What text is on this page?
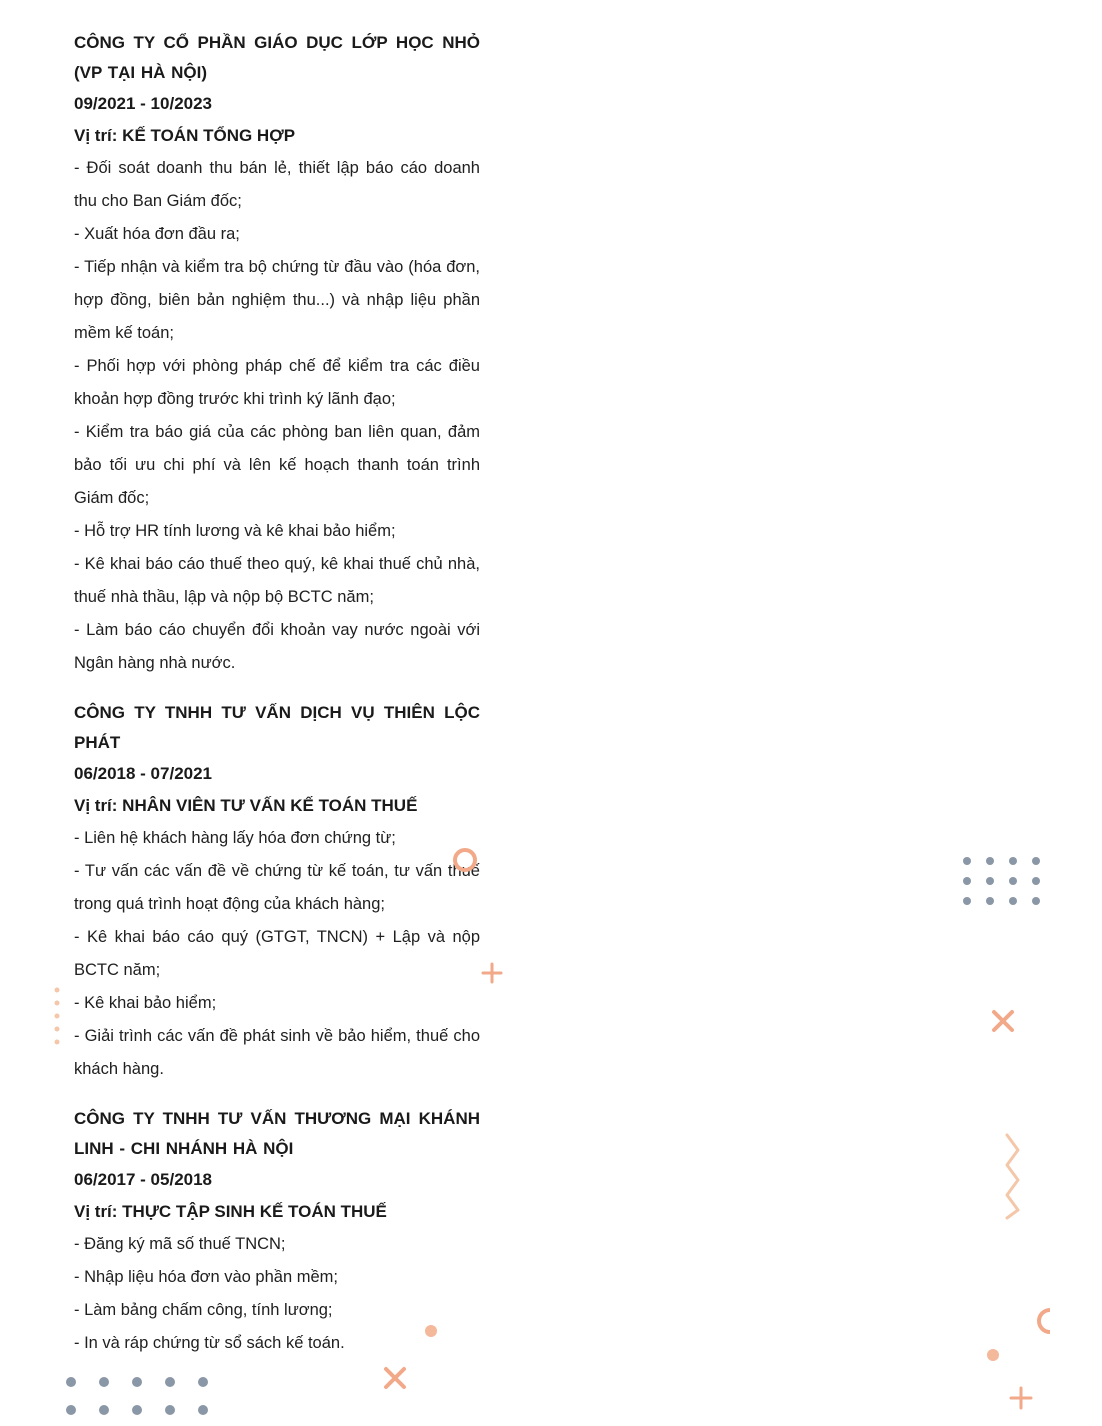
CÔNG TY CỔ PHẦN GIÁO DỤC LỚP HỌC NHỎ (VP TẠI HÀ NỘI)

09/2021 - 10/2023

Vị trí: KẾ TOÁN TỔNG HỢP

- Đối soát doanh thu bán lẻ, thiết lập báo cáo doanh thu cho Ban Giám đốc;

- Xuất hóa đơn đầu ra;

- Tiếp nhận và kiểm tra bộ chứng từ đầu vào (hóa đơn, hợp đồng, biên bản nghiệm thu...) và nhập liệu phần mềm kế toán;

- Phối hợp với phòng pháp chế để kiểm tra các điều khoản hợp đồng trước khi trình ký lãnh đạo;

- Kiểm tra báo giá của các phòng ban liên quan, đảm bảo tối ưu chi phí và lên kế hoạch thanh toán trình Giám đốc;

- Hỗ trợ HR tính lương và kê khai bảo hiểm;

- Kê khai báo cáo thuế theo quý, kê khai thuế chủ nhà, thuế nhà thầu, lập và nộp bộ BCTC năm;

- Làm báo cáo chuyển đổi khoản vay nước ngoài với Ngân hàng nhà nước.

CÔNG TY TNHH TƯ VẤN DỊCH VỤ THIÊN LỘC PHÁT

06/2018 - 07/2021

Vị trí: NHÂN VIÊN TƯ VẤN KẾ TOÁN THUẾ

- Liên hệ khách hàng lấy hóa đơn chứng từ;

- Tư vấn các vấn đề về chứng từ kế toán, tư vấn thuế trong quá trình hoạt động của khách hàng;

- Kê khai báo cáo quý (GTGT, TNCN) + Lập và nộp BCTC năm;

- Kê khai bảo hiểm;

- Giải trình các vấn đề phát sinh về bảo hiểm, thuế cho khách hàng.

CÔNG TY TNHH TƯ VẤN THƯƠNG MẠI KHÁNH LINH - CHI NHÁNH HÀ NỘI

06/2017 - 05/2018

Vị trí: THỰC TẬP SINH KẾ TOÁN THUẾ

- Đăng ký mã số thuế TNCN;

- Nhập liệu hóa đơn vào phần mềm;

- Làm bảng chấm công, tính lương;

- In và ráp chứng từ sổ sách kế toán.
